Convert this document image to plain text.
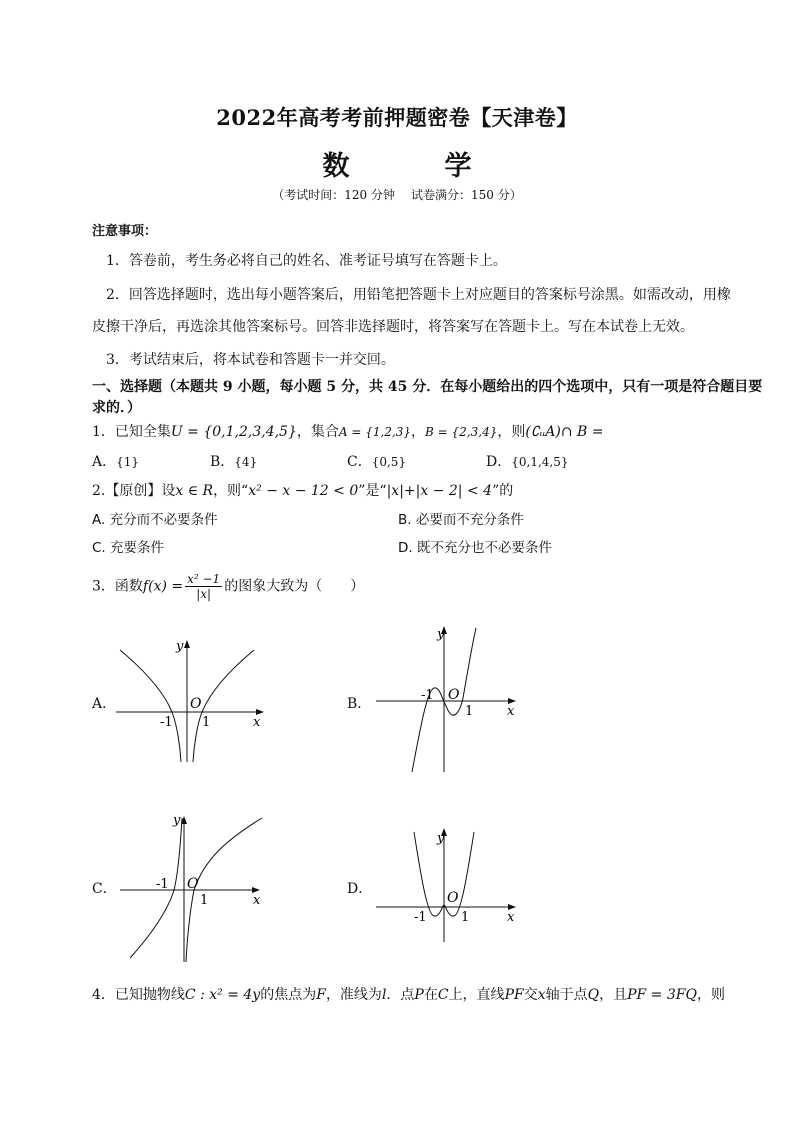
2022年高考考前押题密卷【天津卷】
数　学
（考试时间：120 分钟 试卷满分：150 分）
注意事项：
1．答卷前，考生务必将自己的姓名、准考证号填写在答题卡上。
2．回答选择题时，选出每小题答案后，用铅笔把答题卡上对应题目的答案标号涂黑。如需改动，用橡
皮擦干净后，再选涂其他答案标号。回答非选择题时，将答案写在答题卡上。写在本试卷上无效。
3．考试结束后，将本试卷和答题卡一并交回。
一、选择题（本题共 9 小题，每小题 5 分，共 45 分．在每小题给出的四个选项中，只有一项是符合题目要
求的．）
1．已知全集U = {0,1,2,3,4,5}，集合A = {1,2,3}，B = {2,3,4}，则(∁ᵤA)∩ B =
A．{1}	B．{4}	C．{0,5}	D．{0,1,4,5}
2.【原创】设x ∈ R，则“x² − x − 12 < 0”是“|x|+|x − 2| < 4”的
A. 充分而不必要条件	B. 必要而不充分条件
C. 充要条件	D. 既不充分也不必要条件
3．函数$f(x) = \frac{\text{x² −1}}{|x|}$ 的图象大致为（　　）
A．
y
O
-1 1	x
B．
y
O
-1
1	x
C．
y
O
-1
1	x
D．
y
O
-1	1	x
4．已知抛物线C : x² = 4y的焦点为F，准线为l．点P在C上，直线PF交x轴于点Q，且PF = 3FQ，则
